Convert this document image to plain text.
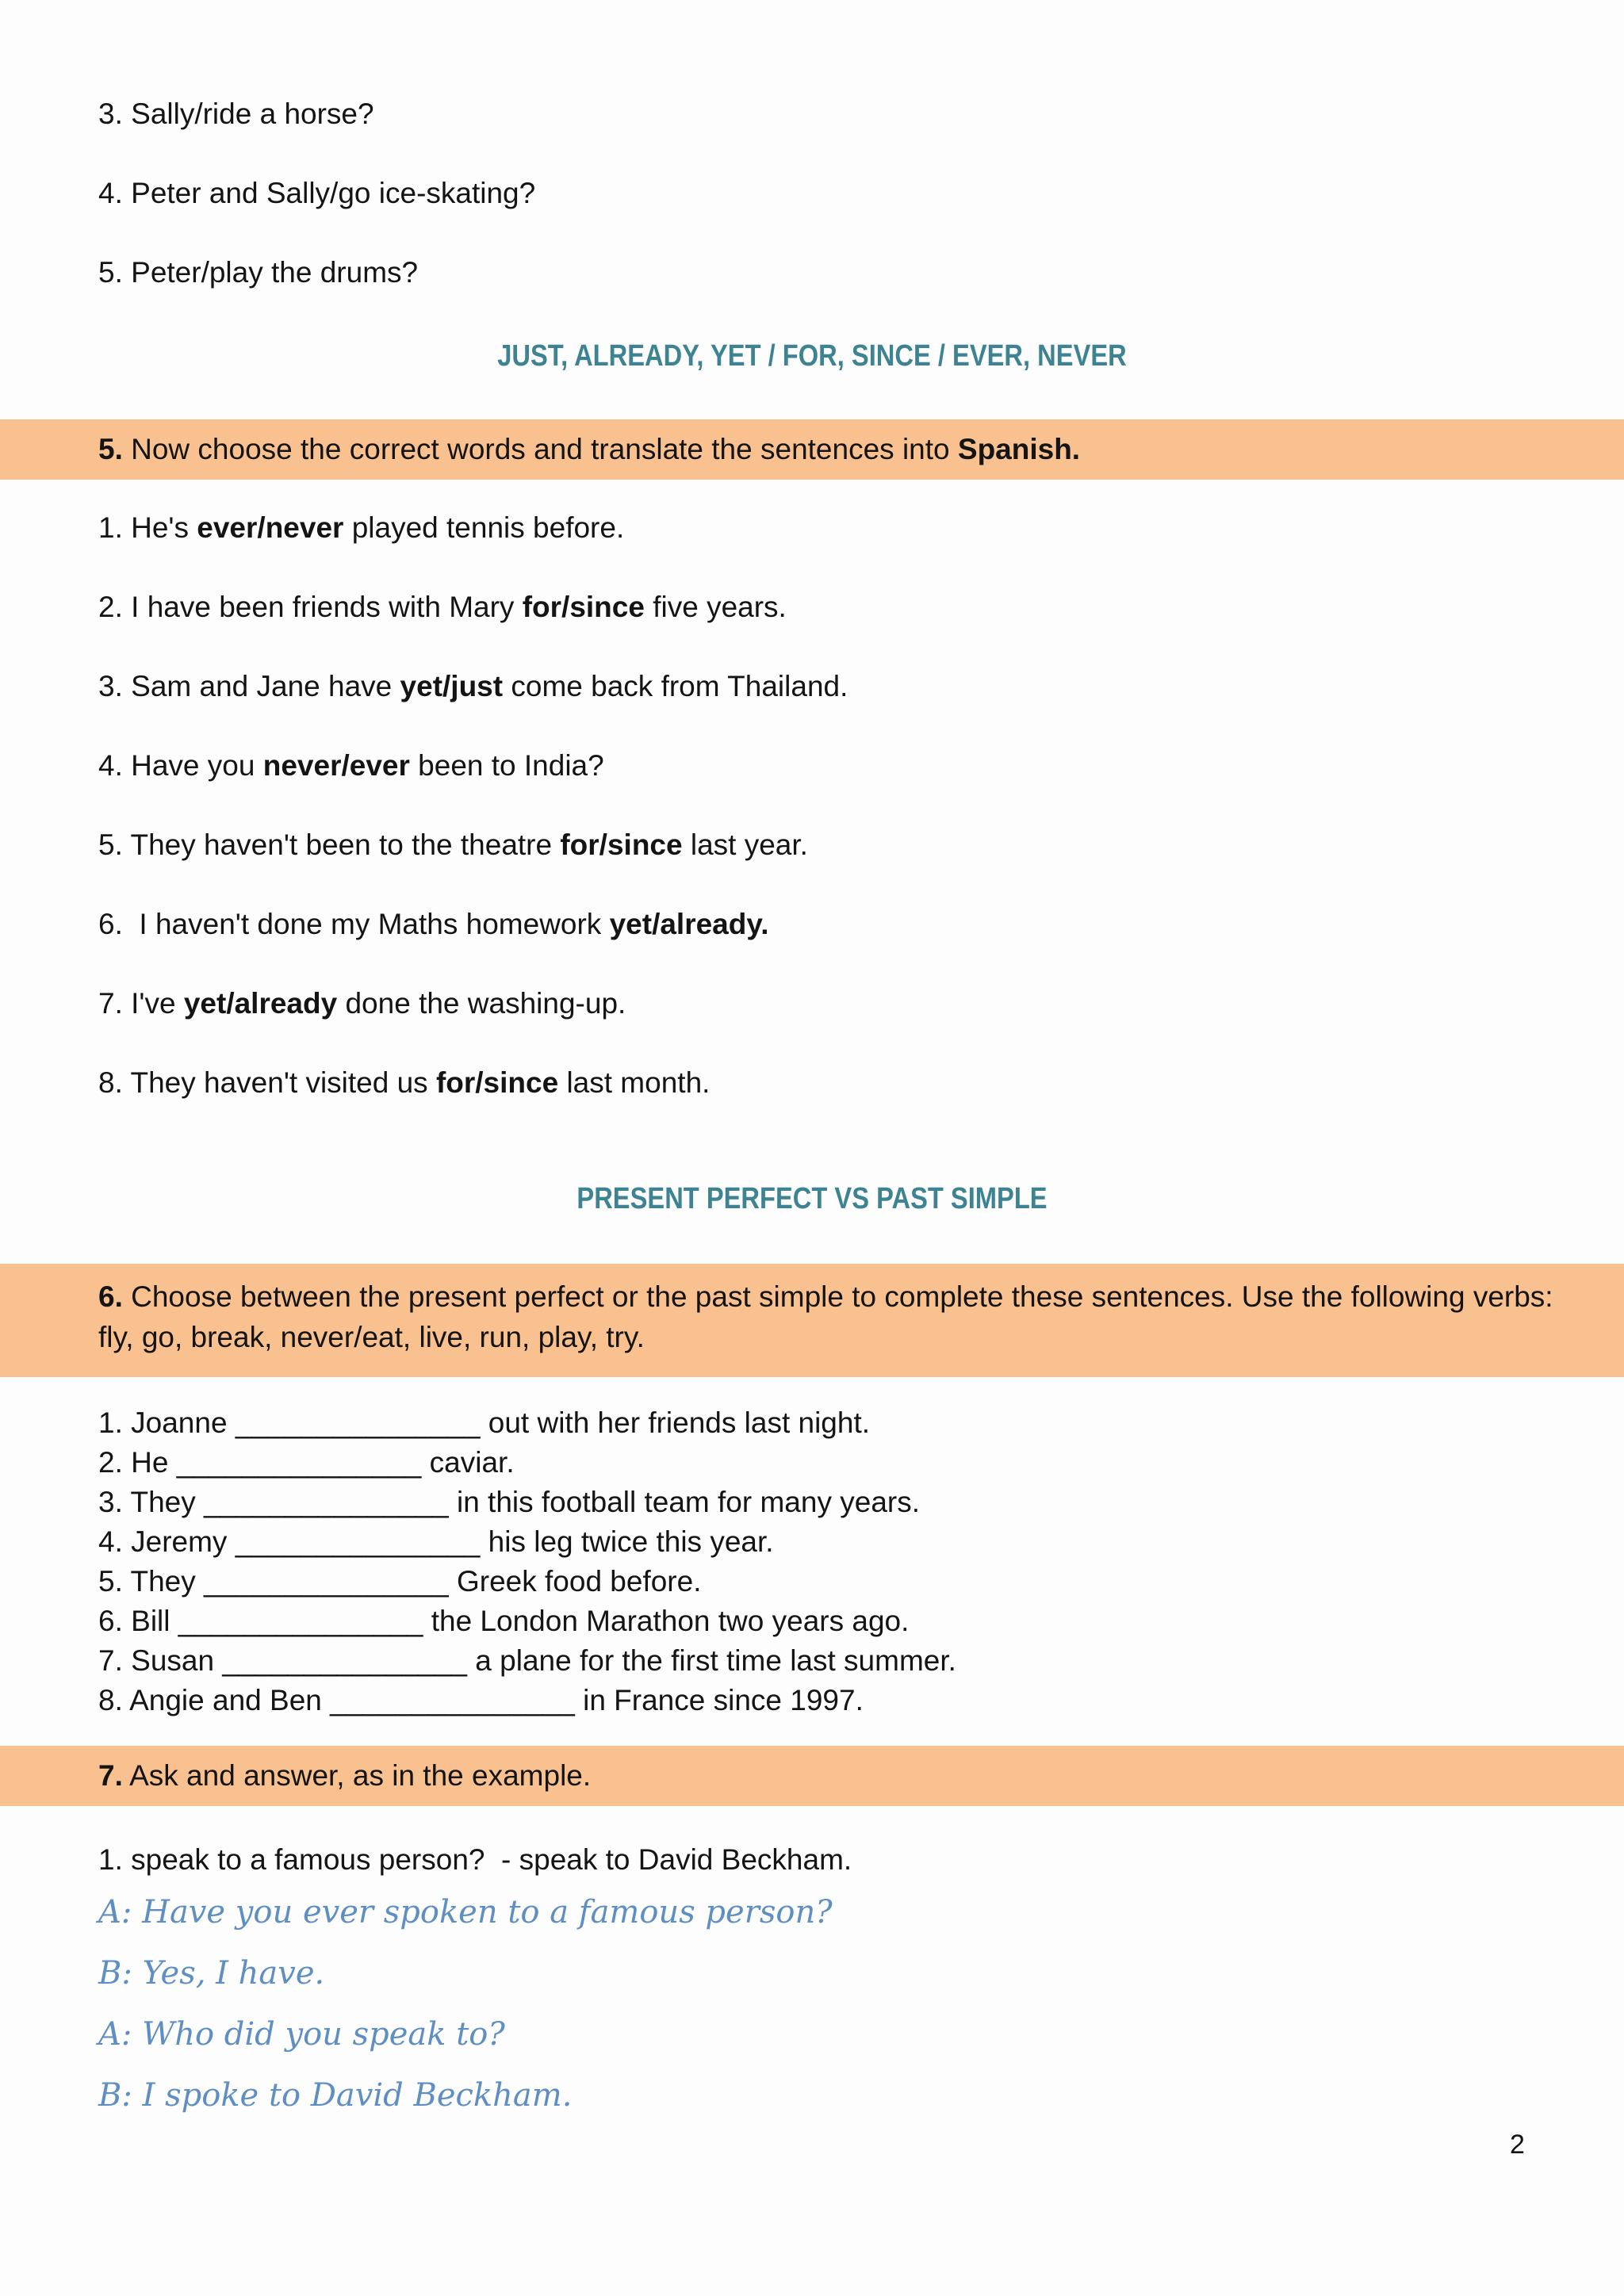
3. Sally/ride a horse?
4. Peter and Sally/go ice-skating?
5. Peter/play the drums?
JUST, ALREADY, YET / FOR, SINCE / EVER, NEVER
5. Now choose the correct words and translate the sentences into Spanish.
1. He's ever/never played tennis before.
2. I have been friends with Mary for/since five years.
3. Sam and Jane have yet/just come back from Thailand.
4. Have you never/ever been to India?
5. They haven't been to the theatre for/since last year.
6.  I haven't done my Maths homework yet/already.
7. I've yet/already done the washing-up.
8. They haven't visited us for/since last month.
PRESENT PERFECT VS PAST SIMPLE
6. Choose between the present perfect or the past simple to complete these sentences. Use the following verbs: fly, go, break, never/eat, live, run, play, try.
1. Joanne _______________ out with her friends last night.
2. He _______________ caviar.
3. They _______________ in this football team for many years.
4. Jeremy _______________ his leg twice this year.
5. They _______________ Greek food before.
6. Bill _______________ the London Marathon two years ago.
7. Susan _______________ a plane for the first time last summer.
8. Angie and Ben _______________ in France since 1997.
7. Ask and answer, as in the example.
1. speak to a famous person?  - speak to David Beckham.
A: Have you ever spoken to a famous person?
B: Yes, I have.
A: Who did you speak to?
B: I spoke to David Beckham.
2
